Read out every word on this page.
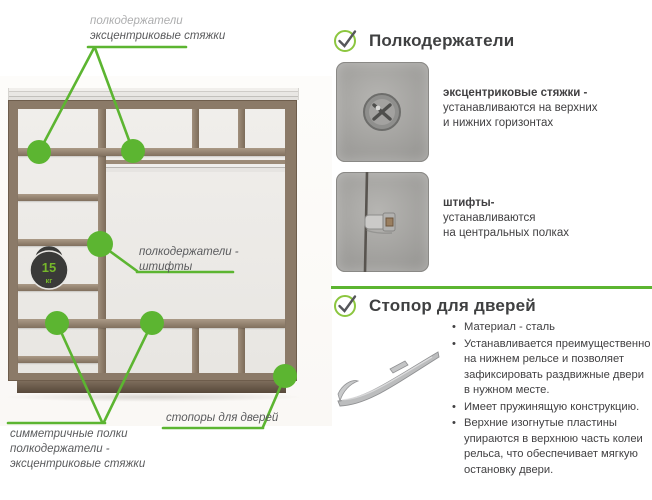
15
кг
полкодержатели
эксцентриковые стяжки
полкодержатели -
штифты
симметричные полки
полкодержатели -
эксцентриковые стяжки
стопоры для дверей
Полкодержатели
эксцентриковые стяжки -
устанавливаются на верхних
и нижних горизонтах
штифты-
устанавливаются
на центральных полках
Стопор для дверей
• Материал - сталь
• Устанавливается преимущественно на нижнем рельсе и позволяет зафиксировать раздвижные двери в нужном месте.
• Имеет пружинящую конструкцию.
• Верхние изогнутые пластины упираются в верхнюю часть колеи рельса, что обеспечивает мягкую остановку двери.
